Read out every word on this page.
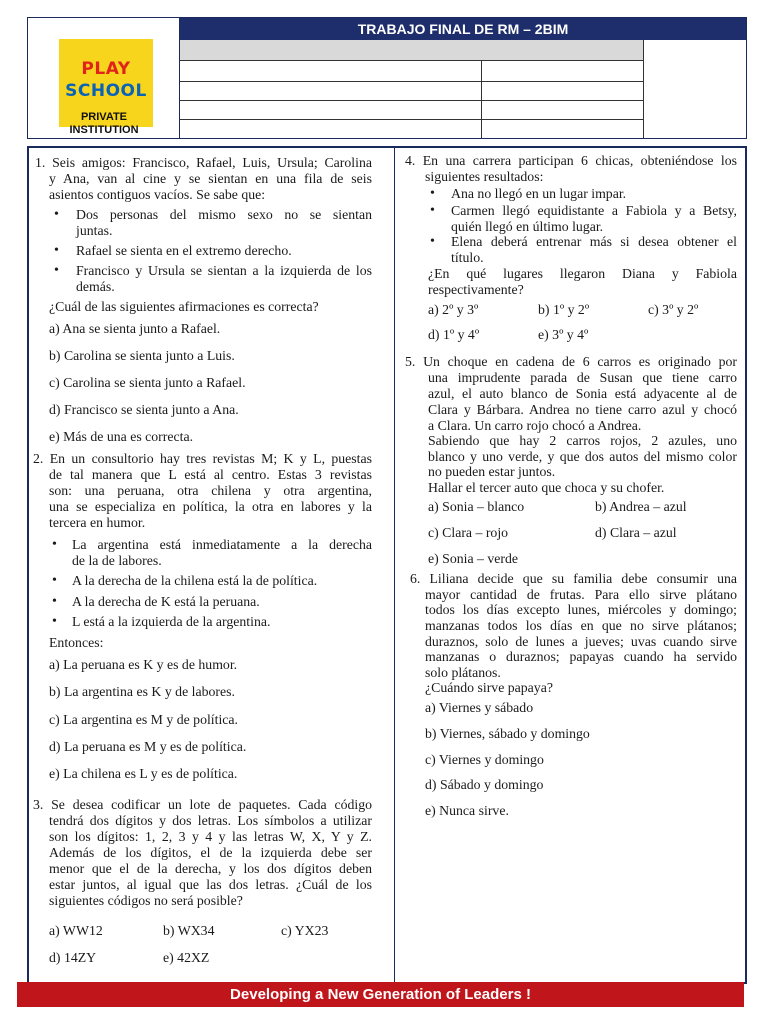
PLAY
SCHOOL
PRIVATE
INSTITUTION
TRABAJO FINAL DE RM – 2BIM
1. Seis amigos: Francisco, Rafael, Luis, Ursula; Carolina
y Ana, van al cine y se sientan en una fila de seis
asientos contiguos vacíos. Se sabe que:
• Dos personas del mismo sexo no se sientan
juntas.
• Rafael se sienta en el extremo derecho.
• Francisco y Ursula se sientan a la izquierda de los
demás.
¿Cuál de las siguientes afirmaciones es correcta?
a) Ana se sienta junto a Rafael.
b) Carolina se sienta junto a Luis.
c) Carolina se sienta junto a Rafael.
d) Francisco se sienta junto a Ana.
e) Más de una es correcta.
2. En un consultorio hay tres revistas M; K y L, puestas
de tal manera que L está al centro. Estas 3 revistas
son: una peruana, otra chilena y otra argentina,
una se especializa en política, la otra en labores y la
tercera en humor.
• La argentina está inmediatamente a la derecha
de la de labores.
• A la derecha de la chilena está la de política.
• A la derecha de K está la peruana.
• L está a la izquierda de la argentina.
Entonces:
a) La peruana es K y es de humor.
b) La argentina es K y de labores.
c) La argentina es M y de política.
d) La peruana es M y es de política.
e) La chilena es L y es de política.
3. Se desea codificar un lote de paquetes. Cada código
tendrá dos dígitos y dos letras. Los símbolos a utilizar
son los dígitos: 1, 2, 3 y 4 y las letras W, X, Y y Z.
Además de los dígitos, el de la izquierda debe ser
menor que el de la derecha, y los dos dígitos deben
estar juntos, al igual que las dos letras. ¿Cuál de los
siguientes códigos no será posible?
a) WW12	b) WX34	c) YX23
d) 14ZY	e) 42XZ
4. En una carrera participan 6 chicas, obteniéndose los
siguientes resultados:
• Ana no llegó en un lugar impar.
• Carmen llegó equidistante a Fabiola y a Betsy,
quién llegó en último lugar.
• Elena deberá entrenar más si desea obtener el
título.
¿En qué lugares llegaron Diana y Fabiola
respectivamente?
a) 2º y 3º	b) 1º y 2º	c) 3º y 2º
d) 1º y 4º	e) 3º y 4º
5. Un choque en cadena de 6 carros es originado por
una imprudente parada de Susan que tiene carro
azul, el auto blanco de Sonia está adyacente al de
Clara y Bárbara. Andrea no tiene carro azul y chocó
a Clara. Un carro rojo chocó a Andrea.
Sabiendo que hay 2 carros rojos, 2 azules, uno
blanco y uno verde, y que dos autos del mismo color
no pueden estar juntos.
Hallar el tercer auto que choca y su chofer.
a) Sonia – blanco	b) Andrea – azul
c) Clara – rojo	d) Clara – azul
e) Sonia – verde
6. Liliana decide que su familia debe consumir una
mayor cantidad de frutas. Para ello sirve plátano
todos los días excepto lunes, miércoles y domingo;
manzanas todos los días en que no sirve plátanos;
duraznos, solo de lunes a jueves; uvas cuando sirve
manzanas o duraznos; papayas cuando ha servido
solo plátanos.
¿Cuándo sirve papaya?
a) Viernes y sábado
b) Viernes, sábado y domingo
c) Viernes y domingo
d) Sábado y domingo
e) Nunca sirve.
Developing a New Generation of Leaders !
